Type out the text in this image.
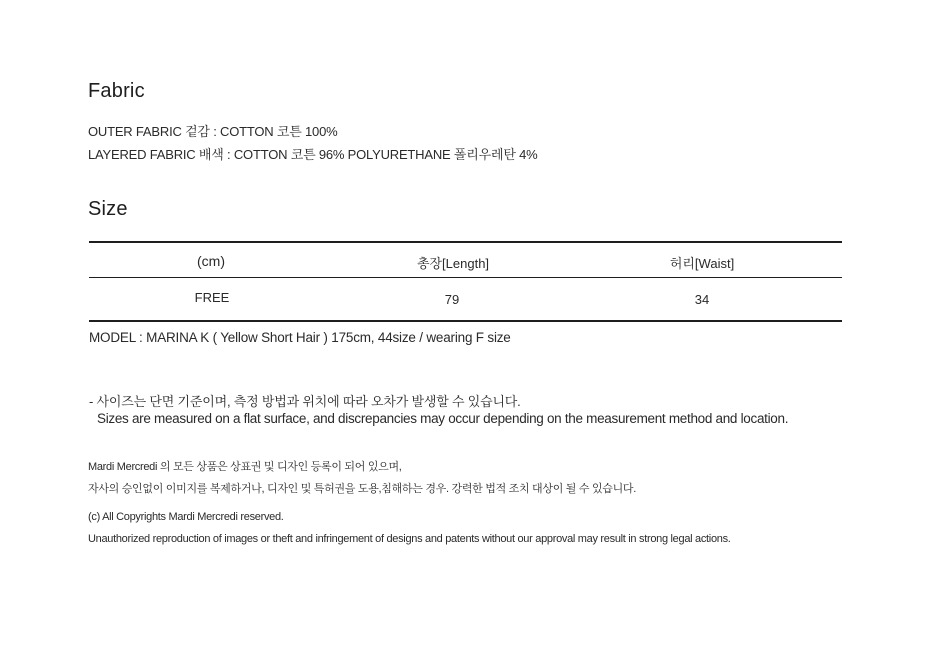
Fabric
OUTER FABRIC 겉감 : COTTON 코튼 100%
LAYERED FABRIC 배색 : COTTON 코튼 96% POLYURETHANE 폴리우레탄 4%
Size
(cm)	총장[Length]	허리[Waist]
FREE	79	34
MODEL : MARINA K ( Yellow Short Hair ) 175cm, 44size / wearing F size
- 사이즈는 단면 기준이며, 측정 방법과 위치에 따라 오차가 발생할 수 있습니다.
Sizes are measured on a flat surface, and discrepancies may occur depending on the measurement method and location.
Mardi Mercredi 의 모든 상품은 상표권 및 디자인 등록이 되어 있으며,
자사의 승인없이 이미지를 복제하거나, 디자인 및 특허권을 도용,침해하는 경우. 강력한 법적 조치 대상이 될 수 있습니다.
(c) All Copyrights Mardi Mercredi reserved.
Unauthorized reproduction of images or theft and infringement of designs and patents without our approval may result in strong legal actions.
